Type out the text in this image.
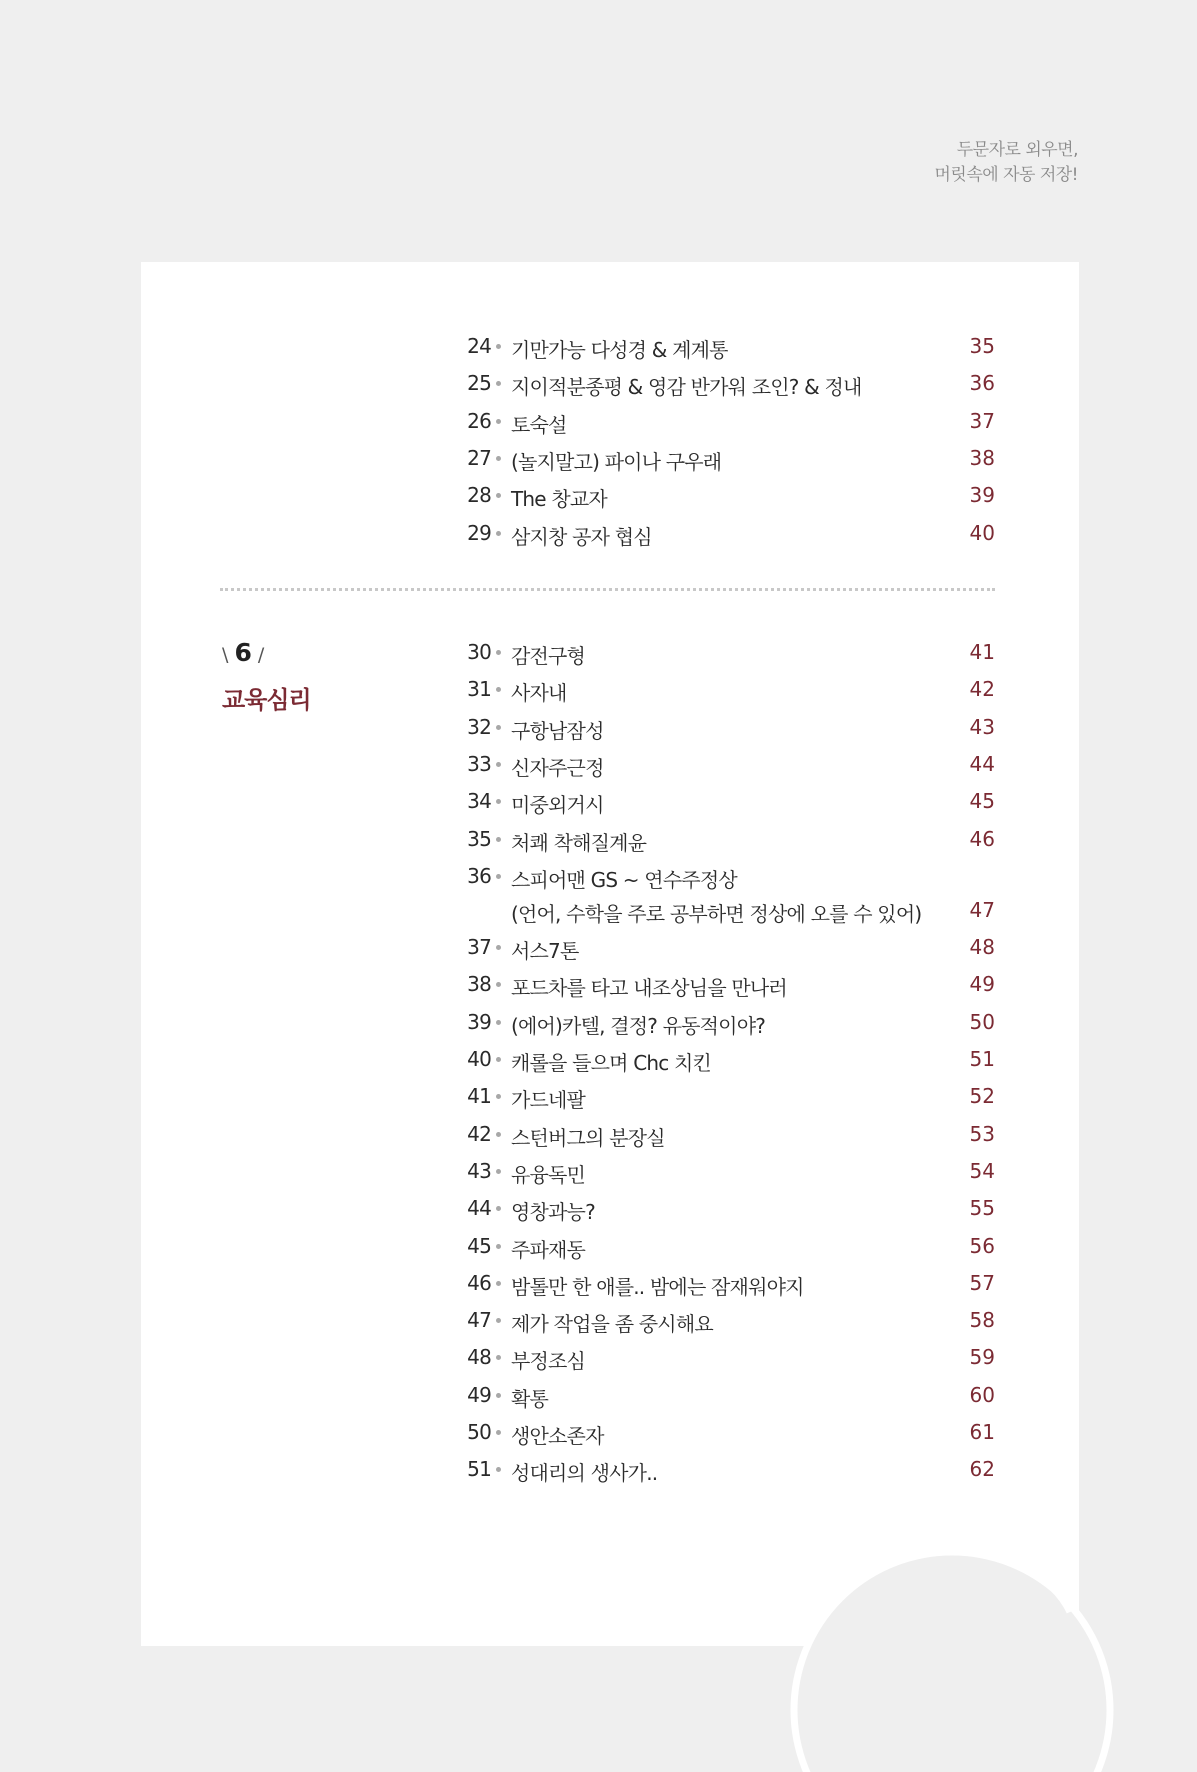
두문자로 외우면,
머릿속에 자동 저장!
24 기만가능 다성경 & 계계통	35
25 지이적분종평 & 영감 반가워 조인? & 정내	36
26 토숙설	37
27 (놀지말고) 파이나 구우래	38
28 The 창교자	39
29 삼지창 공자 협심	40
\ 6 /
교육심리
30 감전구형	41
31 사자내	42
32 구항남잠성	43
33 신자주근정	44
34 미중외거시	45
35 처쾌 착해질계윤	46
36 스피어맨 GS ~ 연수주정상
(언어, 수학을 주로 공부하면 정상에 오를 수 있어) 47
37 서스7톤	48
38 포드차를 타고 내조상님을 만나러	49
39 (에어)카텔, 결정? 유동적이야?	50
40 캐롤을 들으며 Chc 치킨	51
41 가드네팔	52
42 스턴버그의 분장실	53
43 유융독민	54
44 영창과능?	55
45 주파재동	56
46 밤톨만 한 애를.. 밤에는 잠재워야지	57
47 제가 작업을 좀 중시해요	58
48 부정조심	59
49 확통	60
50 생안소존자	61
51 성대리의 생사가..	62
